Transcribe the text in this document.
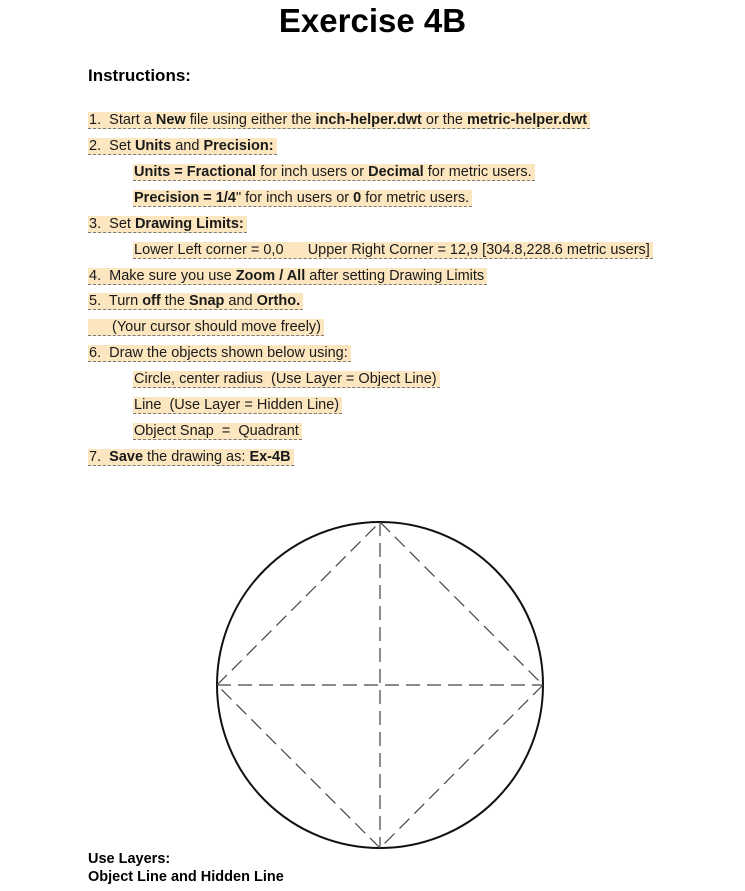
Exercise 4B
Instructions:
1. Start a New file using either the inch-helper.dwt or the metric-helper.dwt
2. Set Units and Precision:
Units = Fractional for inch users or Decimal for metric users.
Precision = 1/4" for inch users or 0 for metric users.
3. Set Drawing Limits:
Lower Left corner = 0,0      Upper Right Corner = 12,9 [304.8,228.6 metric users]
4. Make sure you use Zoom / All after setting Drawing Limits
5. Turn off the Snap and Ortho.
(Your cursor should move freely)
6. Draw the objects shown below using:
Circle, center radius  (Use Layer = Object Line)
Line  (Use Layer = Hidden Line)
Object Snap  =  Quadrant
7. Save the drawing as: Ex-4B
Use Layers:
Object Line and Hidden Line
